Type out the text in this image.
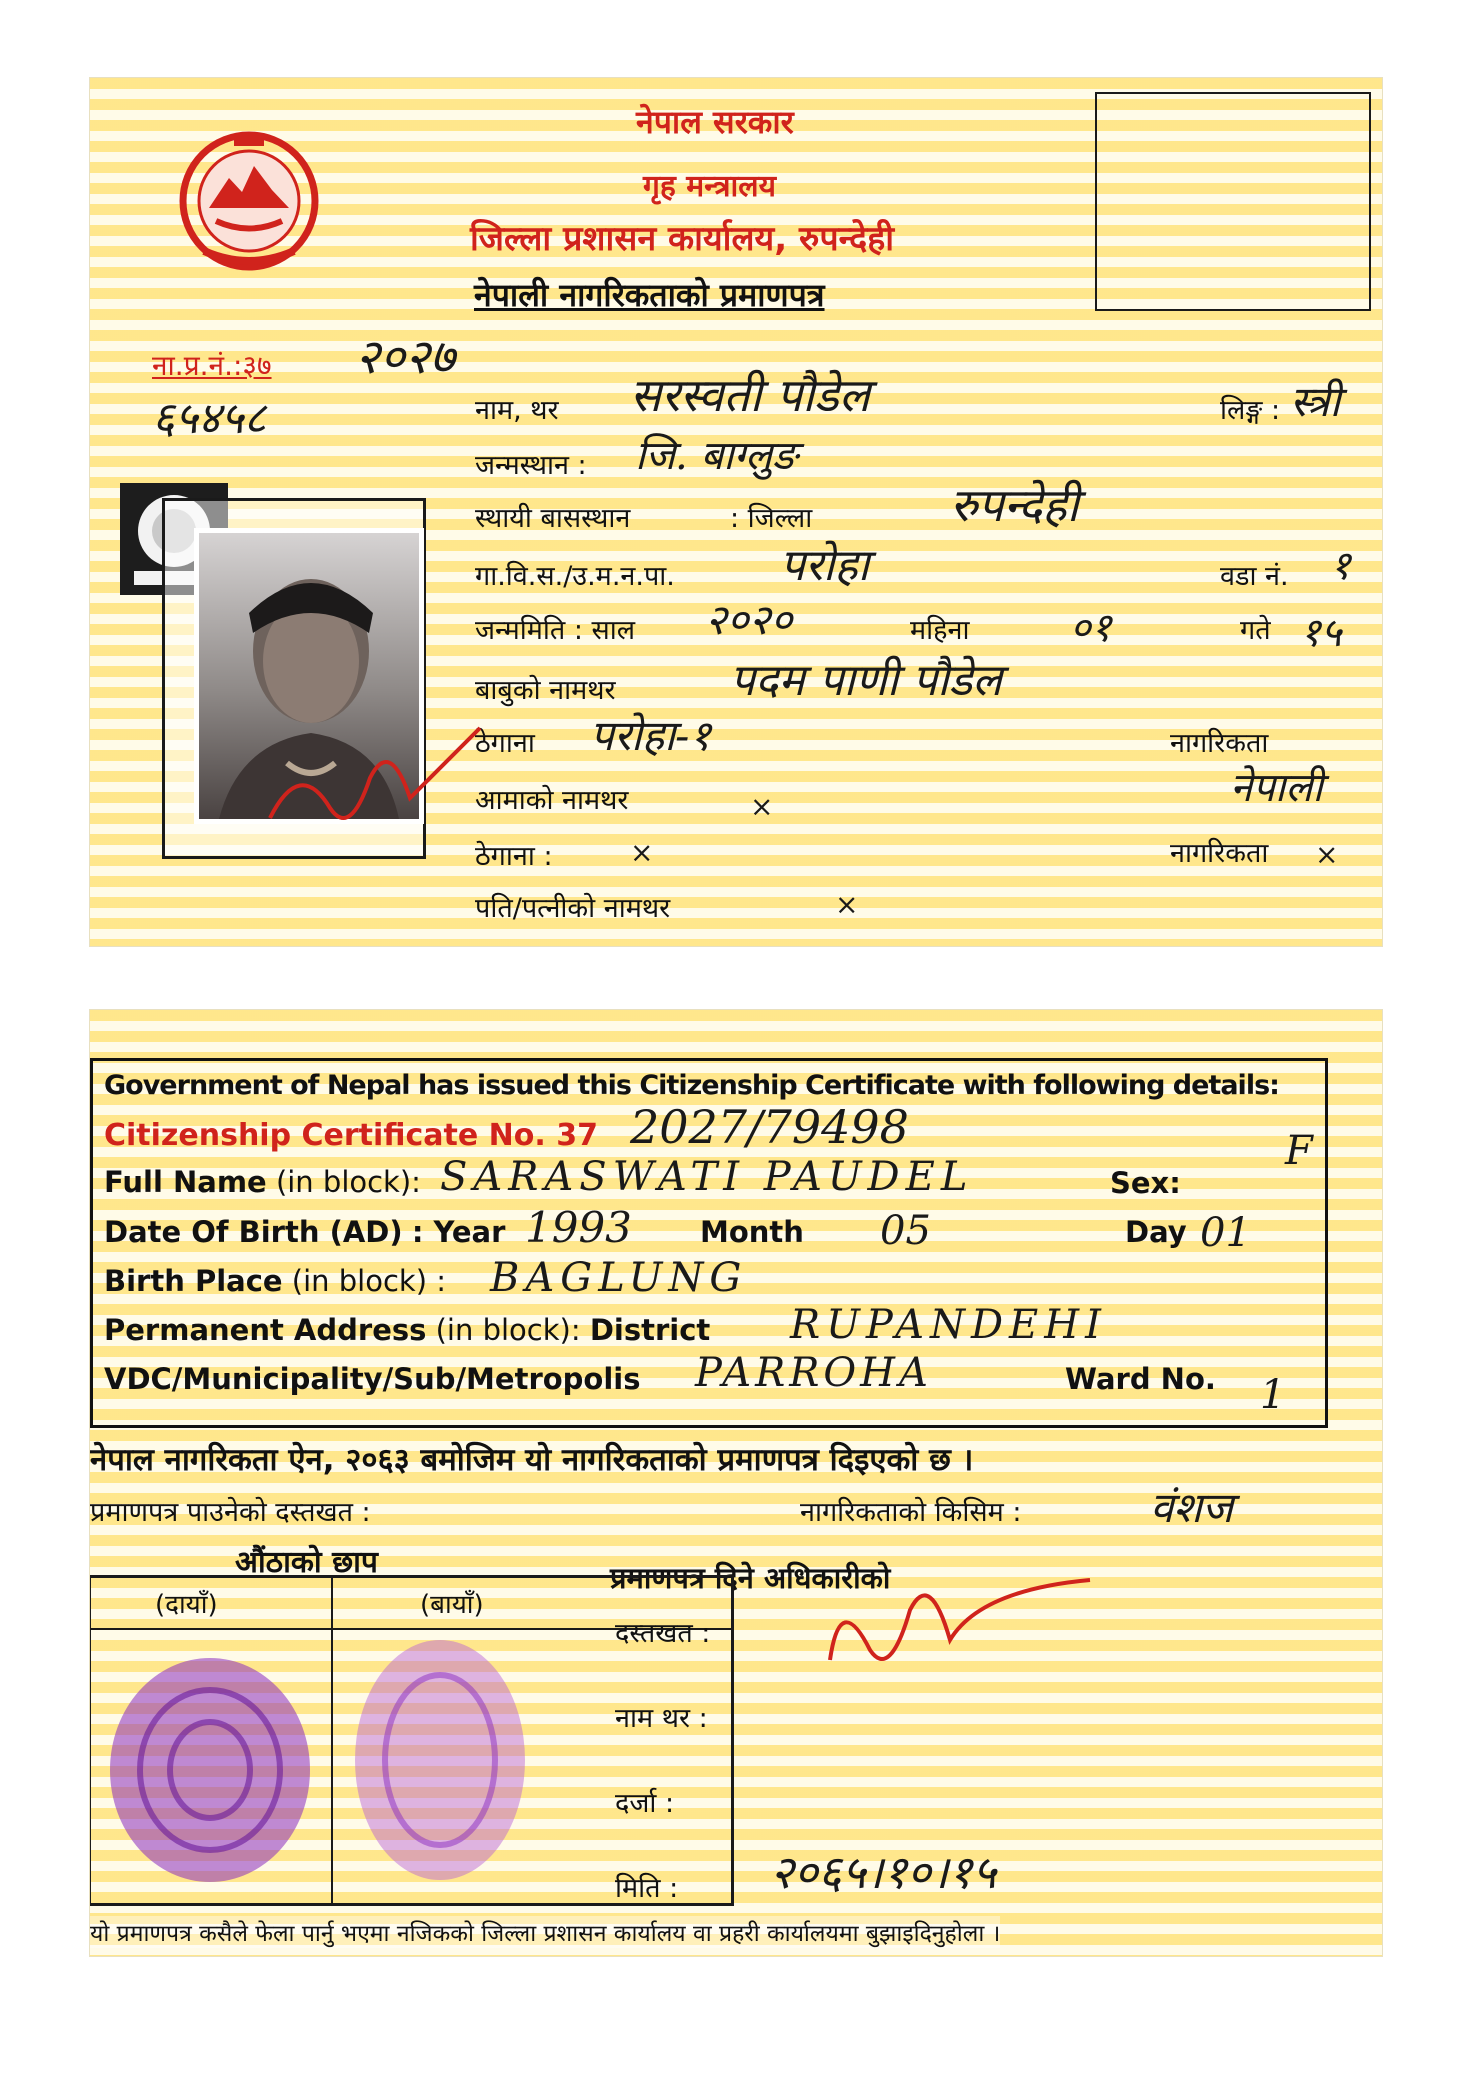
नेपाल सरकार
गृह मन्त्रालय
जिल्ला प्रशासन कार्यालय, रुपन्देही
नेपाली नागरिकताको प्रमाणपत्र
ना.प्र.नं.:३७ २०२७
६५४५८	नाम, थर सरस्वती पौडेल	लिङ्ग : स्त्री
जन्मस्थान : जि. बाग्लुङ
स्थायी बासस्थान	: जिल्ला	रुपन्देही
गा.वि.स./उ.म.न.पा. परोहा	वडा नं. १
जन्ममिति : साल २०२०	महिना	०१	गते १५
बाबुको नामथर	पदम पाणी पौडेल
ठेगाना परोहा-१	नागरिकता
नेपाली
आमाको नामथर	×
ठेगाना :	×	नागरिकता ×
पति/पत्नीको नामथर	×
Government of Nepal has issued this Citizenship Certificate with following details:
Citizenship Certificate No. 37 2027/79498
Full Name (in block): SARASWATI PAUDEL	Sex:
F
Date Of Birth (AD) : Year 1993 Month 05	Day 01
Birth Place (in block) : BAGLUNG
Permanent Address (in block): District RUPANDEHI
VDC/Municipality/Sub/Metropolis PARROHA	Ward No. 1
नेपाल नागरिकता ऐन, २०६३ बमोजिम यो नागरिकताको प्रमाणपत्र दिइएको छ ।
प्रमाणपत्र पाउनेको दस्तखत :	नागरिकताको किसिम :	वंशज
औंठाको छाप	प्रमाणपत्र दिने अधिकारीको
(दायाँ)	(बायाँ)
दस्तखत :
नाम थर :
दर्जा :
मिति : २०६५।१०।१५
यो प्रमाणपत्र कसैले फेला पार्नु भएमा नजिकको जिल्ला प्रशासन कार्यालय वा प्रहरी कार्यालयमा बुझाइदिनुहोला ।
